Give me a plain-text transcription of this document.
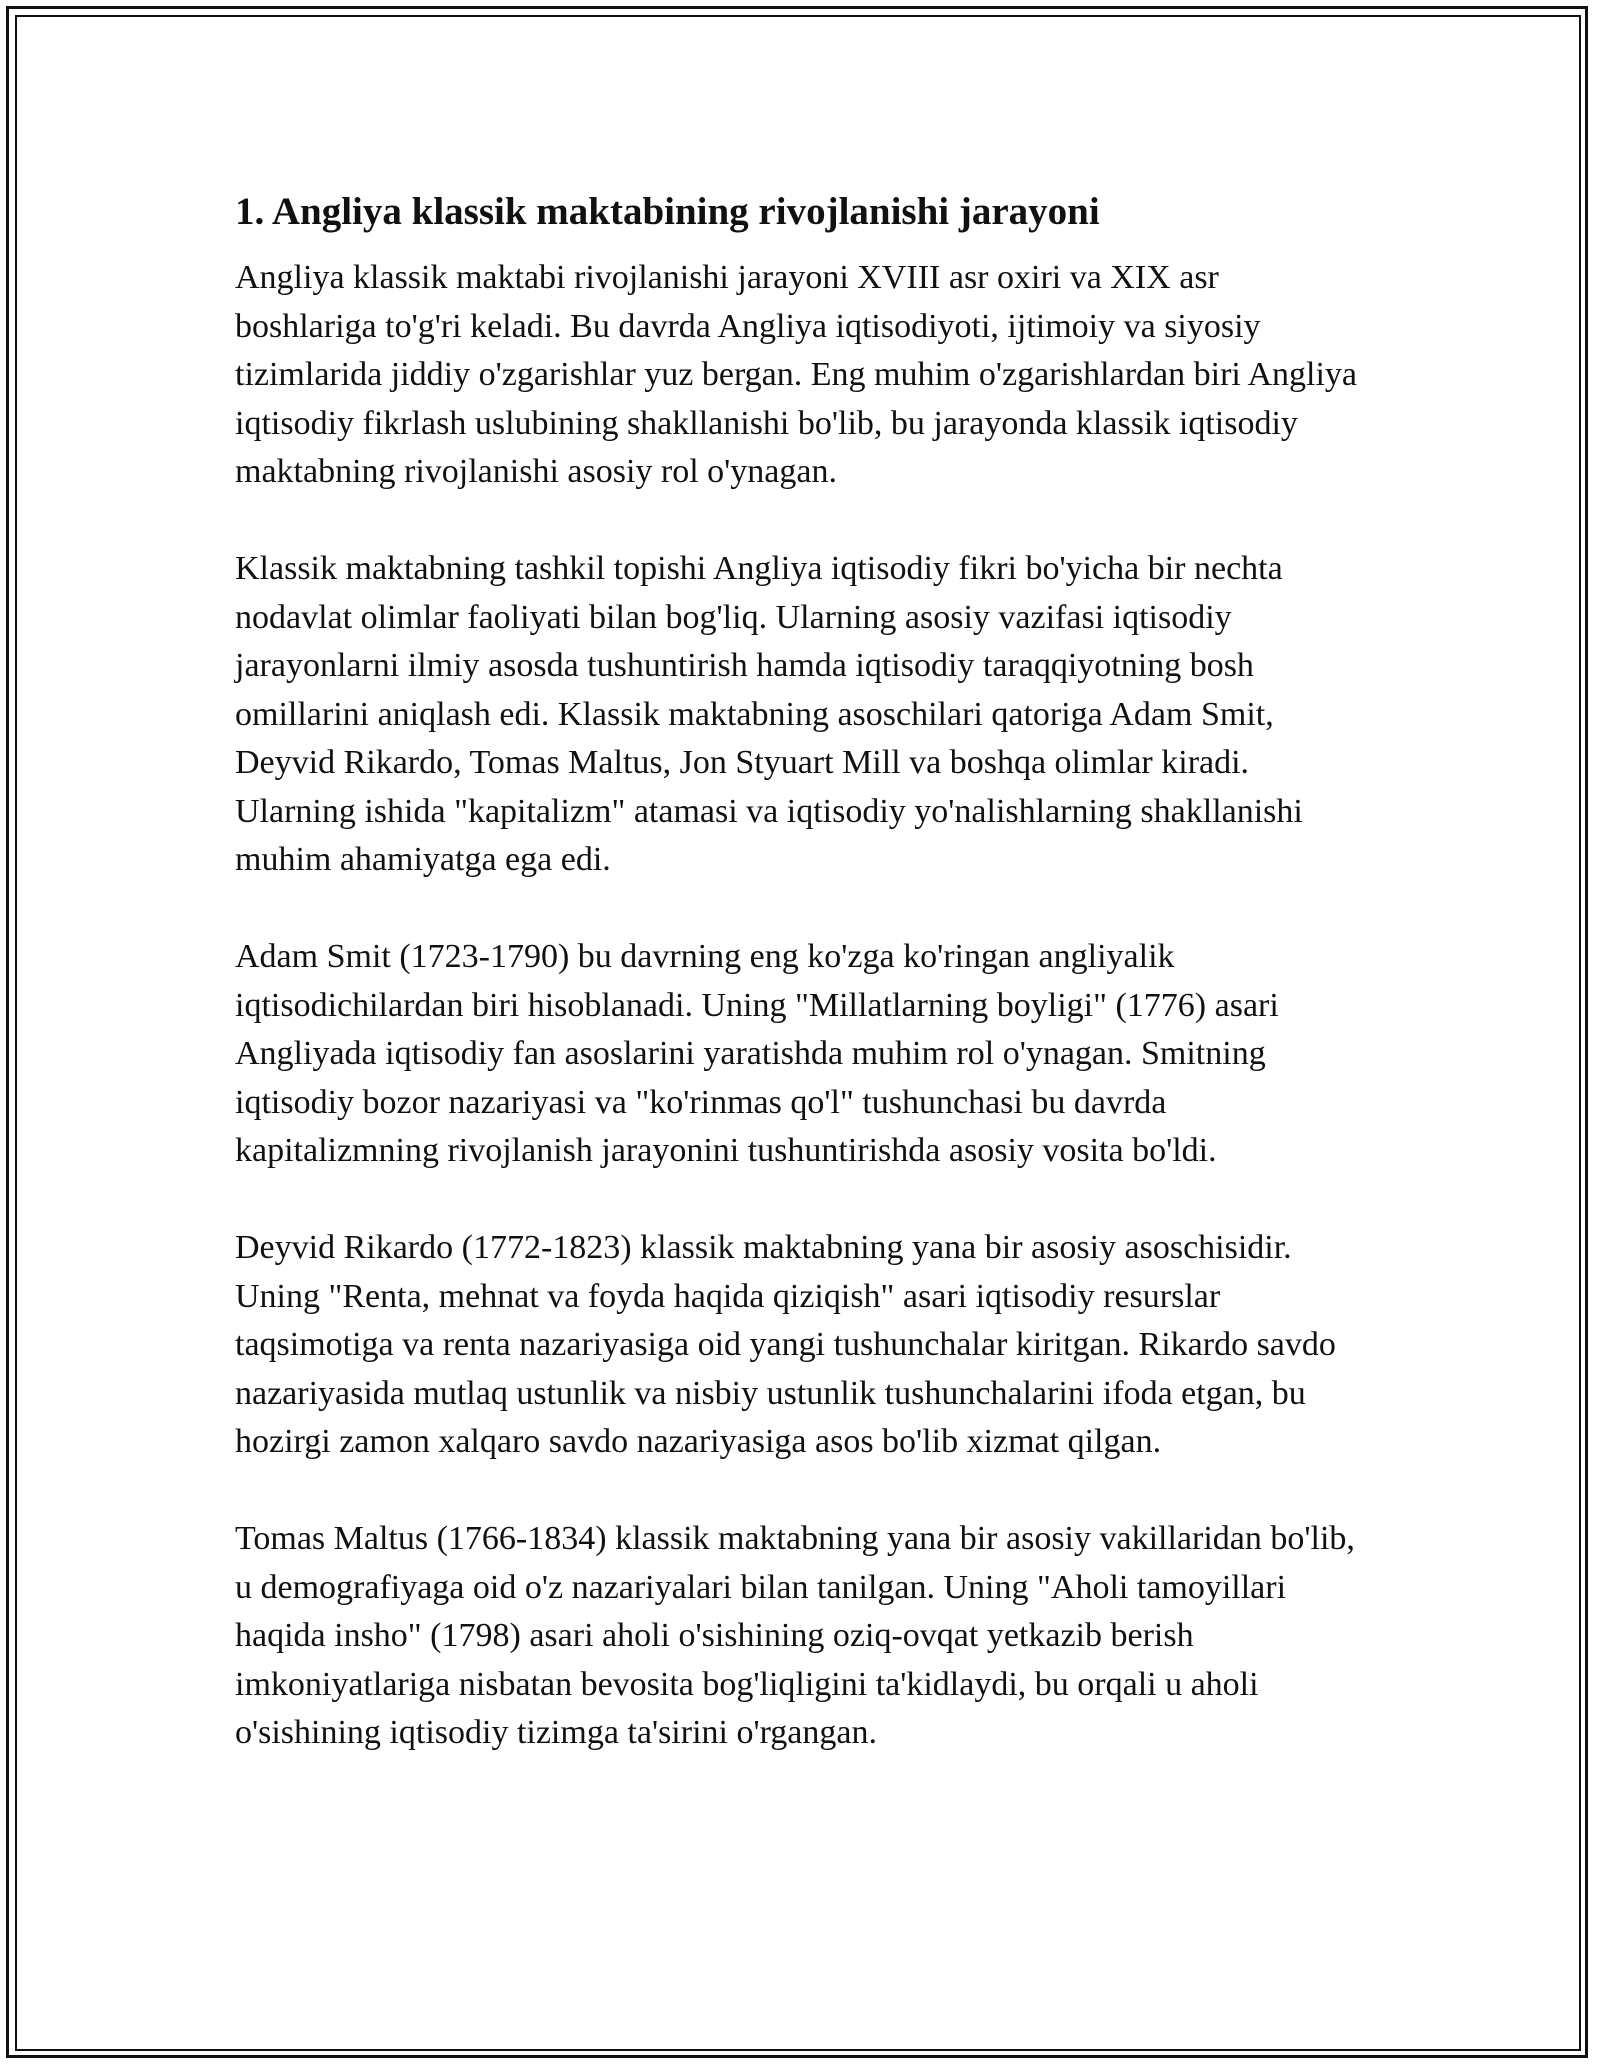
1. Angliya klassik maktabining rivojlanishi jarayoni

Angliya klassik maktabi rivojlanishi jarayoni XVIII asr oxiri va XIX asr boshlariga to'g'ri keladi. Bu davrda Angliya iqtisodiyoti, ijtimoiy va siyosiy tizimlarida jiddiy o'zgarishlar yuz bergan. Eng muhim o'zgarishlardan biri Angliya iqtisodiy fikrlash uslubining shakllanishi bo'lib, bu jarayonda klassik iqtisodiy maktabning rivojlanishi asosiy rol o'ynagan.

Klassik maktabning tashkil topishi Angliya iqtisodiy fikri bo'yicha bir nechta nodavlat olimlar faoliyati bilan bog'liq. Ularning asosiy vazifasi iqtisodiy jarayonlarni ilmiy asosda tushuntirish hamda iqtisodiy taraqqiyotning bosh omillarini aniqlash edi. Klassik maktabning asoschilari qatoriga Adam Smit, Deyvid Rikardo, Tomas Maltus, Jon Styuart Mill va boshqa olimlar kiradi. Ularning ishida "kapitalizm" atamasi va iqtisodiy yo'nalishlarning shakllanishi muhim ahamiyatga ega edi.

Adam Smit (1723-1790) bu davrning eng ko'zga ko'ringan angliyalik iqtisodichilardan biri hisoblanadi. Uning "Millatlarning boyligi" (1776) asari Angliyada iqtisodiy fan asoslarini yaratishda muhim rol o'ynagan. Smitning iqtisodiy bozor nazariyasi va "ko'rinmas qo'l" tushunchasi bu davrda kapitalizmning rivojlanish jarayonini tushuntirishda asosiy vosita bo'ldi.

Deyvid Rikardo (1772-1823) klassik maktabning yana bir asosiy asoschisidir. Uning "Renta, mehnat va foyda haqida qiziqish" asari iqtisodiy resurslar taqsimotiga va renta nazariyasiga oid yangi tushunchalar kiritgan. Rikardo savdo nazariyasida mutlaq ustunlik va nisbiy ustunlik tushunchalarini ifoda etgan, bu hozirgi zamon xalqaro savdo nazariyasiga asos bo'lib xizmat qilgan.

Tomas Maltus (1766-1834) klassik maktabning yana bir asosiy vakillaridan bo'lib, u demografiyaga oid o'z nazariyalari bilan tanilgan. Uning "Aholi tamoyillari haqida insho" (1798) asari aholi o'sishining oziq-ovqat yetkazib berish imkoniyatlariga nisbatan bevosita bog'liqligini ta'kidlaydi, bu orqali u aholi o'sishining iqtisodiy tizimga ta'sirini o'rgangan.
